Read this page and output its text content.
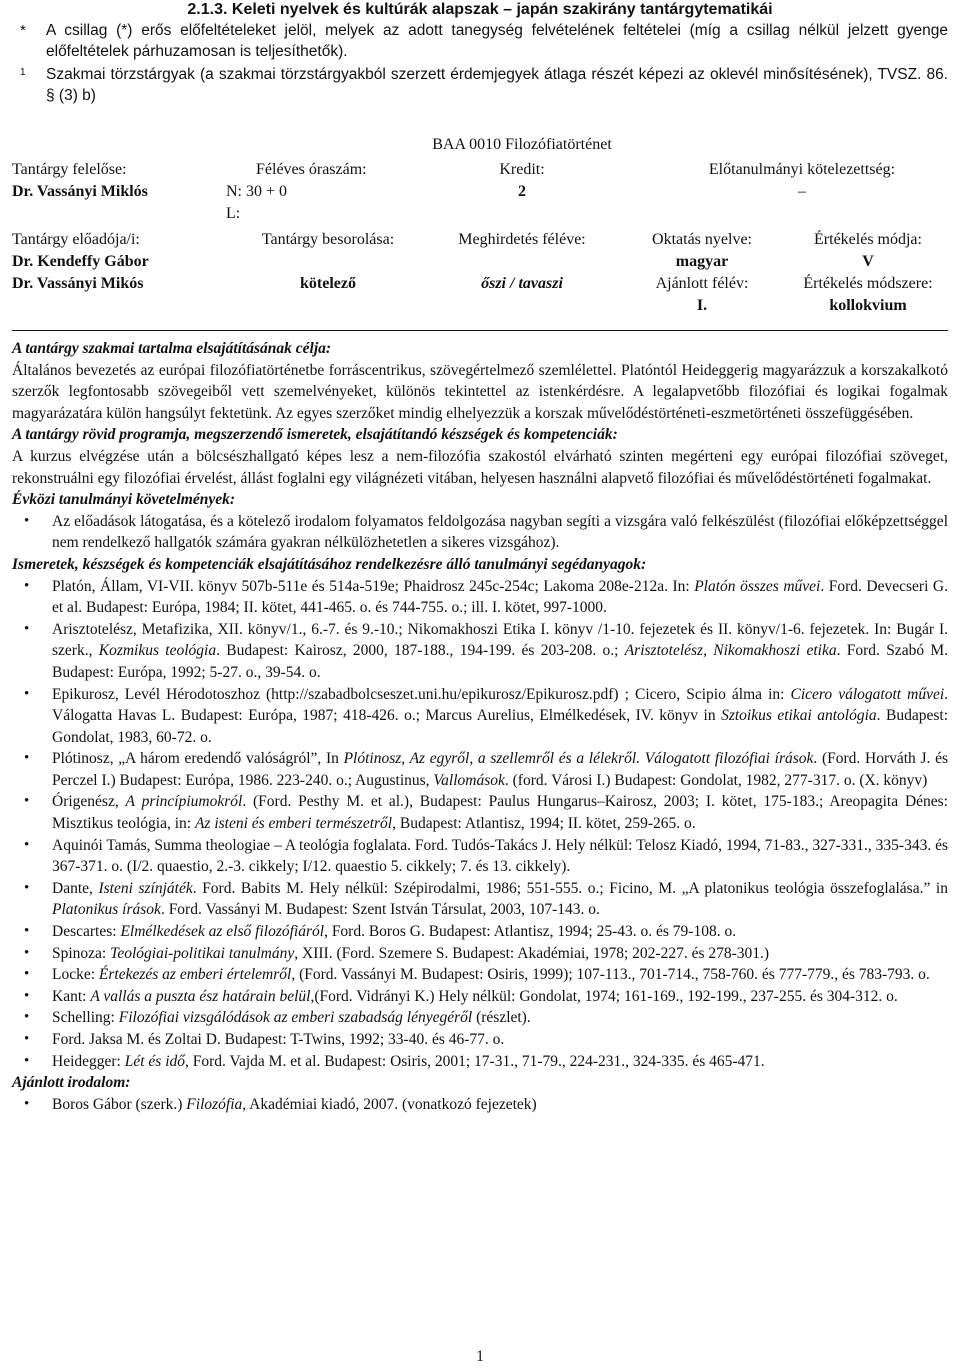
2.1.3. Keleti nyelvek és kultúrák alapszak – japán szakirány tantárgytematikái
* A csillag (*) erős előfeltételeket jelöl, melyek az adott tanegység felvételének feltételei (míg a csillag nélkül jelzett gyenge előfeltételek párhuzamosan is teljesíthetők).
1 Szakmai törzstárgyak (a szakmai törzstárgyakból szerzett érdemjegyek átlaga részét képezi az oklevél minősítésének), TVSZ. 86. § (3) b)
BAA 0010 Filozófiatörténet
Tantárgy felelőse:
Dr. Vassányi Miklós
Féléves óraszám:
N: 30 + 0
L:
Kredit:
2
Előtanulmányi kötelezettség:
–
Tantárgy előadója/i:
Dr. Kendeffy Gábor
Dr. Vassányi Mikós
Tantárgy besorolása:
kötelező
Meghirdetés féléve:
őszi / tavaszi
Oktatás nyelve:
magyar
Ajánlott félév:
I.
Értékelés módja:
V
Értékelés módszere:
kollokvium
A tantárgy szakmai tartalma elsajátításának célja:

Általános bevezetés az európai filozófiatörténetbe forráscentrikus, szövegértelmező szemlélettel. Platóntól Heideggerig magyarázzuk a korszakalkotó szerzők legfontosabb szövegeiből vett szemelvényeket, különös tekintettel az istenkérdésre. A legalapvetőbb filozófiai és logikai fogalmak magyarázatára külön hangsúlyt fektetünk. Az egyes szerzőket mindig elhelyezzük a korszak művelődéstörténeti-eszmetörténeti összefüggésében.

A tantárgy rövid programja, megszerzendő ismeretek, elsajátítandó készségek és kompetenciák:

A kurzus elvégzése után a bölcsészhallgató képes lesz a nem-filozófia szakostól elvárható szinten megérteni egy európai filozófiai szöveget, rekonstruálni egy filozófiai érvelést, állást foglalni egy világnézeti vitában, helyesen használni alapvető filozófiai és művelődéstörténeti fogalmakat.

Évközi tanulmányi követelmények:
• Az előadások látogatása, és a kötelező irodalom folyamatos feldolgozása nagyban segíti a vizsgára való felkészülést (filozófiai előképzettséggel nem rendelkező hallgatók számára gyakran nélkülözhetetlen a sikeres vizsgához).
Ismeretek, készségek és kompetenciák elsajátításához rendelkezésre álló tanulmányi segédanyagok:
• Platón, Állam, VI-VII. könyv 507b-511e és 514a-519e; Phaidrosz 245c-254c; Lakoma 208e-212a. In: Platón összes művei. Ford. Devecseri G. et al. Budapest: Európa, 1984; II. kötet, 441-465. o. és 744-755. o.; ill. I. kötet, 997-1000.
• Arisztotelész, Metafizika, XII. könyv/1., 6.-7. és 9.-10.; Nikomakhoszi Etika I. könyv /1-10. fejezetek és II. könyv/1-6. fejezetek. In: Bugár I. szerk., Kozmikus teológia. Budapest: Kairosz, 2000, 187-188., 194-199. és 203-208. o.; Arisztotelész, Nikomakhoszi etika. Ford. Szabó M. Budapest: Európa, 1992; 5-27. o., 39-54. o.
• Epikurosz, Levél Hérodotoszhoz (http://szabadbolcseszet.uni.hu/epikurosz/Epikurosz.pdf) ; Cicero, Scipio álma in: Cicero válogatott művei. Válogatta Havas L. Budapest: Európa, 1987; 418-426. o.; Marcus Aurelius, Elmélkedések, IV. könyv in Sztoikus etikai antológia. Budapest: Gondolat, 1983, 60-72. o.
• Plótinosz, „A három eredendő valóságról”, In Plótinosz, Az egyről, a szellemről és a lélekről. Válogatott filozófiai írások. (Ford. Horváth J. és Perczel I.) Budapest: Európa, 1986. 223-240. o.; Augustinus, Vallomások. (ford. Városi I.) Budapest: Gondolat, 1982, 277-317. o. (X. könyv)
• Órigenész, A princípiumokról. (Ford. Pesthy M. et al.), Budapest: Paulus Hungarus–Kairosz, 2003; I. kötet, 175-183.; Areopagita Dénes: Misztikus teológia, in: Az isteni és emberi természetről, Budapest: Atlantisz, 1994; II. kötet, 259-265. o.
• Aquinói Tamás, Summa theologiae – A teológia foglalata. Ford. Tudós-Takács J. Hely nélkül: Telosz Kiadó, 1994, 71-83., 327-331., 335-343. és 367-371. o. (I/2. quaestio, 2.-3. cikkely; I/12. quaestio 5. cikkely; 7. és 13. cikkely).
• Dante, Isteni színjáték. Ford. Babits M. Hely nélkül: Szépirodalmi, 1986; 551-555. o.; Ficino, M. „A platonikus teológia összefoglalása.” in Platonikus írások. Ford. Vassányi M. Budapest: Szent István Társulat, 2003, 107-143. o.
• Descartes: Elmélkedések az első filozófiáról, Ford. Boros G. Budapest: Atlantisz, 1994; 25-43. o. és 79-108. o.
• Spinoza: Teológiai-politikai tanulmány, XIII. (Ford. Szemere S. Budapest: Akadémiai, 1978; 202-227. és 278-301.)
• Locke: Értekezés az emberi értelemről, (Ford. Vassányi M. Budapest: Osiris, 1999); 107-113., 701-714., 758-760. és 777-779., és 783-793. o.
• Kant: A vallás a puszta ész határain belül,(Ford. Vidrányi K.) Hely nélkül: Gondolat, 1974; 161-169., 192-199., 237-255. és 304-312. o.
• Schelling: Filozófiai vizsgálódások az emberi szabadság lényegéről (részlet).
• Ford. Jaksa M. és Zoltai D. Budapest: T-Twins, 1992; 33-40. és 46-77. o.
• Heidegger: Lét és idő, Ford. Vajda M. et al. Budapest: Osiris, 2001; 17-31., 71-79., 224-231., 324-335. és 465-471.
Ajánlott irodalom:
• Boros Gábor (szerk.) Filozófia, Akadémiai kiadó, 2007. (vonatkozó fejezetek)
1
